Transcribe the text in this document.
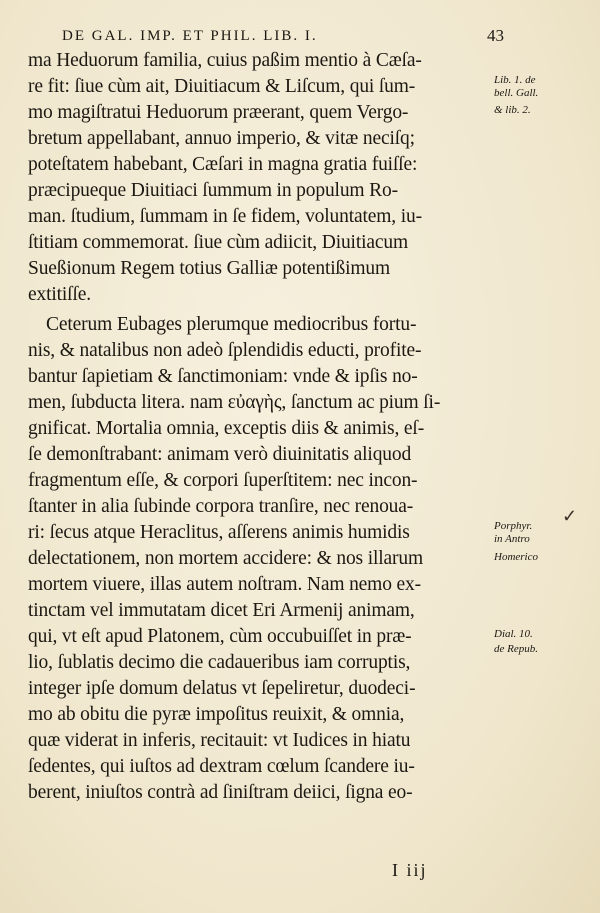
DE GAL. IMP. ET PHIL. LIB. I.	43
ma Heduorum familia, cuius paßim mentio à Cæſa-
re fit: ſiue cùm ait, Diuitiacum & Liſcum, qui ſum-
mo magiſtratui Heduorum præerant, quem Vergo-
bretum appellabant, annuo imperio, & vitæ neciſq;
poteſtatem habebant, Cæſari in magna gratia fuiſſe:
præcipueque Diuitiaci ſummum in populum Ro-
man. ſtudium, ſummam in ſe fidem, voluntatem, iu-
ſtitiam commemorat. ſiue cùm adiicit, Diuitiacum
Sueßionum Regem totius Galliæ potentißimum
extitiſſe.
Ceterum Eubages plerumque mediocribus fortu-
nis, & natalibus non adeò ſplendidis educti, profite-
bantur ſapietiam & ſanctimoniam: vnde & ipſis no-
men, ſubducta litera. nam εὐαγὴς, ſanctum ac pium ſi-
gnificat. Mortalia omnia, exceptis diis & animis, eſ-
ſe demonſtrabant: animam verò diuinitatis aliquod
fragmentum eſſe, & corpori ſuperſtitem: nec incon-
ſtanter in alia ſubinde corpora tranſire, nec renoua-
ri: ſecus atque Heraclitus, aſſerens animis humidis
delectationem, non mortem accidere: & nos illarum
mortem viuere, illas autem noſtram. Nam nemo ex-
tinctam vel immutatam dicet Eri Armenij animam,
qui, vt eſt apud Platonem, cùm occubuiſſet in præ-
lio, ſublatis decimo die cadaueribus iam corruptis,
integer ipſe domum delatus vt ſepeliretur, duodeci-
mo ab obitu die pyræ impoſitus reuixit, & omnia,
quæ viderat in inferis, recitauit: vt Iudices in hiatu
ſedentes, qui iuſtos ad dextram cœlum ſcandere iu-
berent, iniuſtos contrà ad ſiniſtram deiici, ſigna eo-
Lib. 1. de
bell. Gall.
& lib. 2.
Porphyr.
in Antro
Homerico
Dial. 10.
de Repub.
✓
I iij
